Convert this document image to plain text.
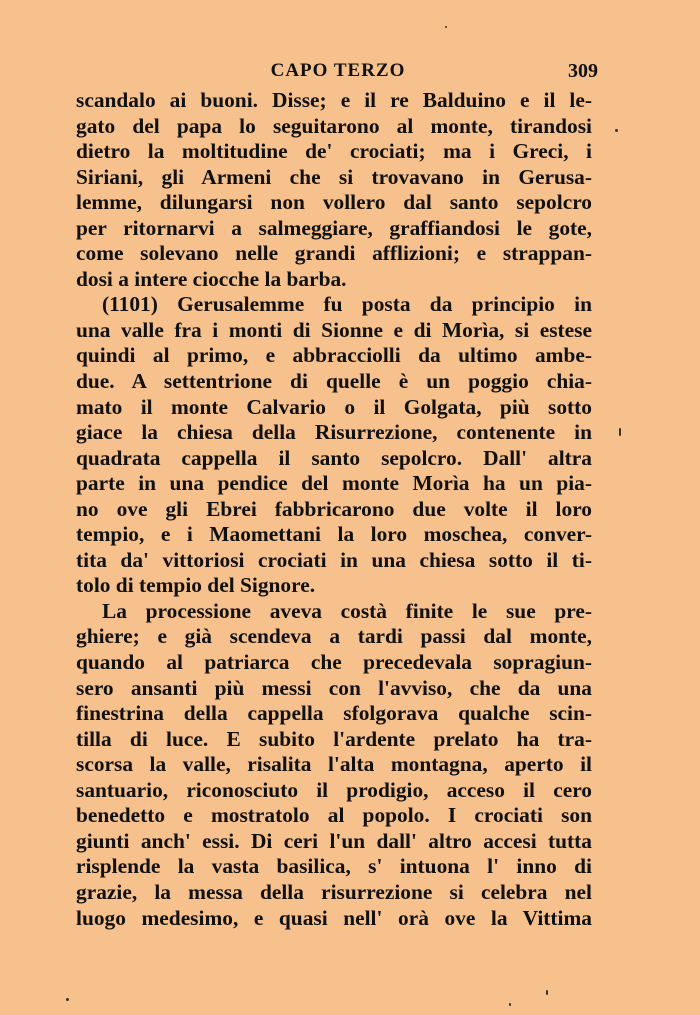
CAPO TERZO	309
scandalo ai buoni. Disse; e il re Balduino e il le-
gato del papa lo seguitarono al monte, tirandosi
dietro la moltitudine de' crociati; ma i Greci, i
Siriani, gli Armeni che si trovavano in Gerusa-
lemme, dilungarsi non vollero dal santo sepolcro
per ritornarvi a salmeggiare, graffiandosi le gote,
come solevano nelle grandi afflizioni; e strappan-
dosi a intere ciocche la barba.
(1101) Gerusalemme fu posta da principio in
una valle fra i monti di Sionne e di Morìa, si estese
quindi al primo, e abbracciolli da ultimo ambe-
due. A settentrione di quelle è un poggio chia-
mato il monte Calvario o il Golgata, più sotto
giace la chiesa della Risurrezione, contenente in
quadrata cappella il santo sepolcro. Dall' altra
parte in una pendice del monte Morìa ha un pia-
no ove gli Ebrei fabbricarono due volte il loro
tempio, e i Maomettani la loro moschea, conver-
tita da' vittoriosi crociati in una chiesa sotto il ti-
tolo di tempio del Signore.
La processione aveva costà finite le sue pre-
ghiere; e già scendeva a tardi passi dal monte,
quando al patriarca che precedevala sopragiun-
sero ansanti più messi con l'avviso, che da una
finestrina della cappella sfolgorava qualche scin-
tilla di luce. E subito l'ardente prelato ha tra-
scorsa la valle, risalita l'alta montagna, aperto il
santuario, riconosciuto il prodigio, acceso il cero
benedetto e mostratolo al popolo. I crociati son
giunti anch' essi. Di ceri l'un dall' altro accesi tutta
risplende la vasta basilica, s' intuona l' inno di
grazie, la messa della risurrezione si celebra nel
luogo medesimo, e quasi nell' orà ove la Vittima
